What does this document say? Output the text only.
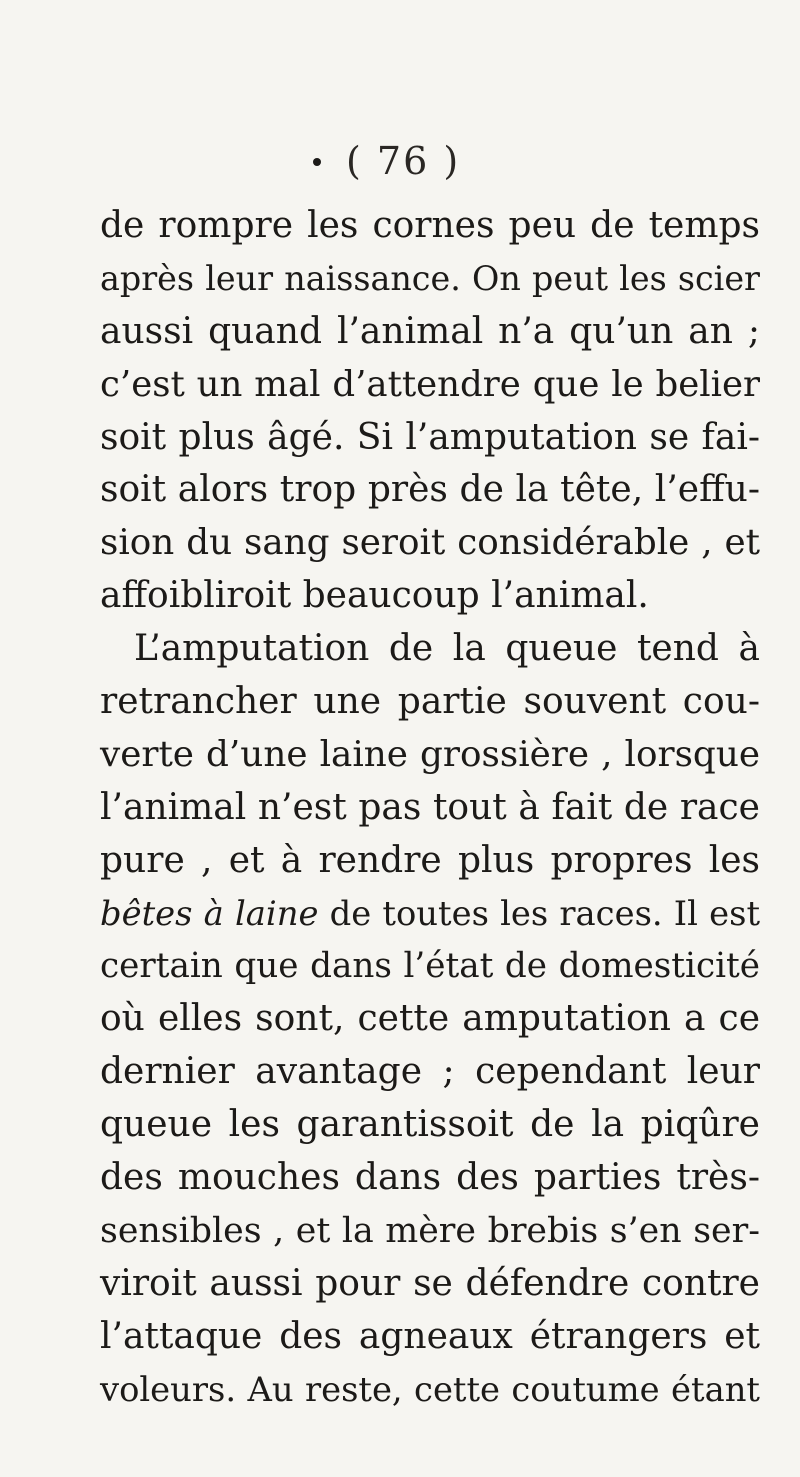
( 76 )
de rompre les cornes peu de temps
après leur naissance. On peut les scier
aussi quand l’animal n’a qu’un an ;
c’est un mal d’attendre que le belier
soit plus âgé. Si l’amputation se fai-
soit alors trop près de la tête, l’effu-
sion du sang seroit considérable , et
affoibliroit beaucoup l’animal.
L’amputation de la queue tend à
retrancher une partie souvent cou-
verte d’une laine grossière , lorsque
l’animal n’est pas tout à fait de race
pure , et à rendre plus propres les
bêtes à laine de toutes les races. Il est
certain que dans l’état de domesticité
où elles sont, cette amputation a ce
dernier avantage ; cependant leur
queue les garantissoit de la piqûre
des mouches dans des parties très-
sensibles , et la mère brebis s’en ser-
viroit aussi pour se défendre contre
l’attaque des agneaux étrangers et
voleurs. Au reste, cette coutume étant
